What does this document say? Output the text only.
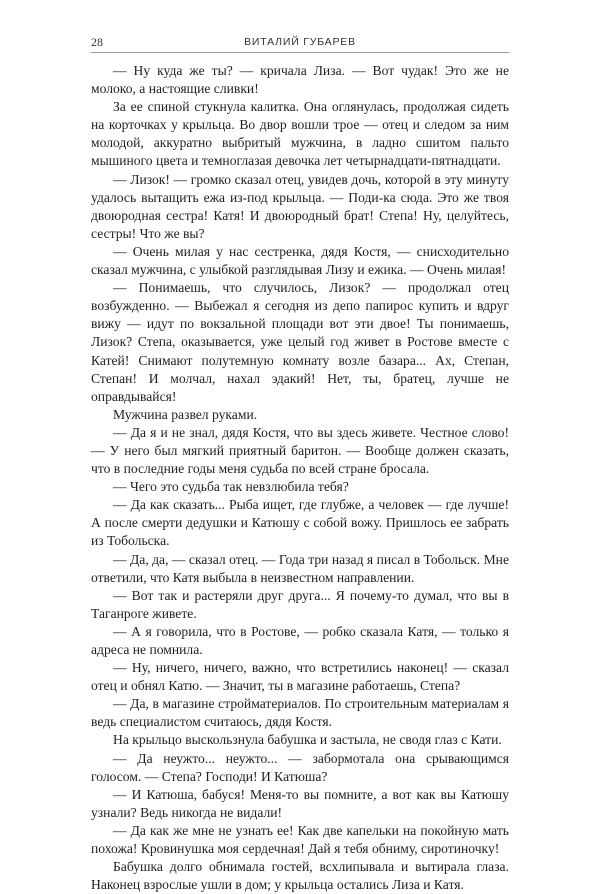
28	ВИТАЛИЙ ГУБАРЕВ

— Ну куда же ты? — кричала Лиза. — Вот чудак! Это же не молоко, а настоящие сливки!

За ее спиной стукнула калитка. Она оглянулась, продолжая сидеть на корточках у крыльца. Во двор вошли трое — отец и следом за ним молодой, аккуратно выбритый мужчина, в ладно сшитом пальто мышиного цвета и темноглазая девочка лет четырнадцати-пятнадцати.

— Лизок! — громко сказал отец, увидев дочь, которой в эту минуту удалось вытащить ежа из-под крыльца. — Поди-ка сюда. Это же твоя двоюродная сестра! Катя! И двоюродный брат! Степа! Ну, целуйтесь, сестры! Что же вы?

— Очень милая у нас сестренка, дядя Костя, — снисходительно сказал мужчина, с улыбкой разглядывая Лизу и ежика. — Очень милая!

— Понимаешь, что случилось, Лизок? — продолжал отец возбужденно. — Выбежал я сегодня из депо папирос купить и вдруг вижу — идут по вокзальной площади вот эти двое! Ты понимаешь, Лизок? Степа, оказывается, уже целый год живет в Ростове вместе с Катей! Снимают полутемную комнату возле базара... Ах, Степан, Степан! И молчал, нахал эдакий! Нет, ты, братец, лучше не оправдывайся!

Мужчина развел руками.

— Да я и не знал, дядя Костя, что вы здесь живете. Честное слово! — У него был мягкий приятный баритон. — Вообще должен сказать, что в последние годы меня судьба по всей стране бросала.

— Чего это судьба так невзлюбила тебя?

— Да как сказать... Рыба ищет, где глубже, а человек — где лучше! А после смерти дедушки и Катюшу с собой вожу. Пришлось ее забрать из Тобольска.

— Да, да, — сказал отец. — Года три назад я писал в Тобольск. Мне ответили, что Катя выбыла в неизвестном направлении.

— Вот так и растеряли друг друга... Я почему-то думал, что вы в Таганроге живете.

— А я говорила, что в Ростове, — робко сказала Катя, — только я адреса не помнила.

— Ну, ничего, ничего, важно, что встретились наконец! — сказал отец и обнял Катю. — Значит, ты в магазине работаешь, Степа?

— Да, в магазине стройматериалов. По строительным материалам я ведь специалистом считаюсь, дядя Костя.

На крыльцо выскользнула бабушка и застыла, не сводя глаз с Кати.

— Да неужто... неужто... — забормотала она срывающимся голосом. — Степа? Господи! И Катюша?

— И Катюша, бабуся! Меня-то вы помните, а вот как вы Катюшу узнали? Ведь никогда не видали!

— Да как же мне не узнать ее! Как две капельки на покойную мать похожа! Кровинушка моя сердечная! Дай я тебя обниму, сиротиночку!

Бабушка долго обнимала гостей, всхлипывала и вытирала глаза. Наконец взрослые ушли в дом; у крыльца остались Лиза и Катя.
